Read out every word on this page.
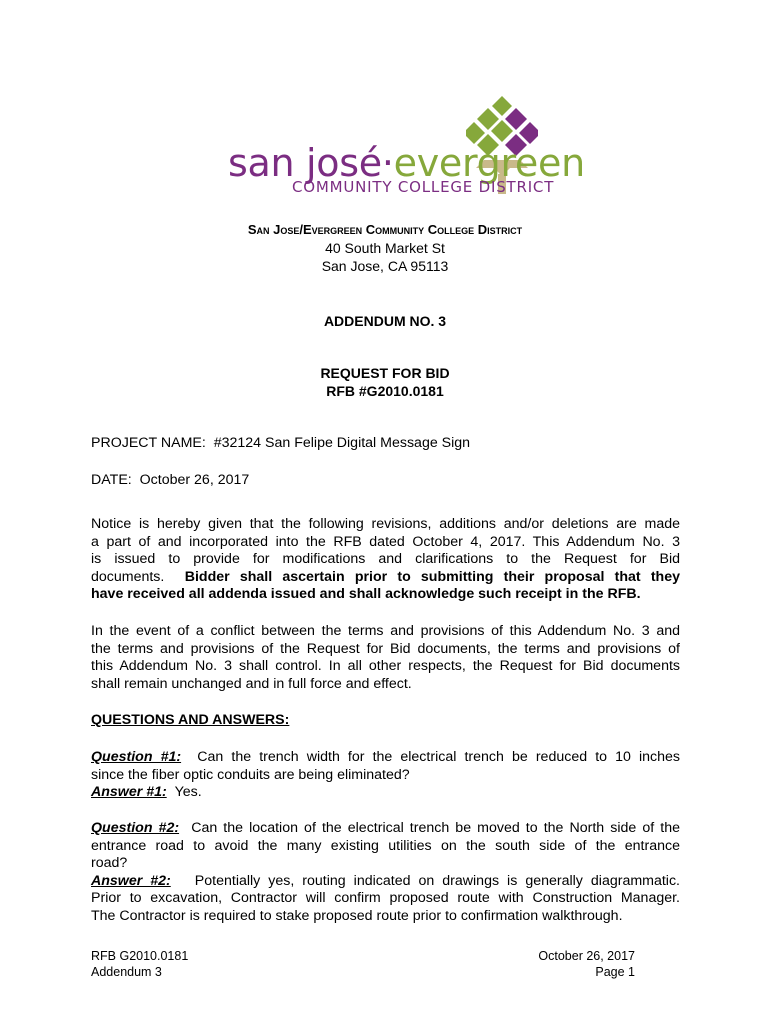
san josé·evergreen
COMMUNITY COLLEGE DISTRICT
San Jose/Evergreen Community College District
40 South Market St
San Jose, CA 95113
ADDENDUM NO. 3
REQUEST FOR BID
RFB #G2010.0181
PROJECT NAME: #32124 San Felipe Digital Message Sign
DATE: October 26, 2017
Notice is hereby given that the following revisions, additions and/or deletions are made
a part of and incorporated into the RFB dated October 4, 2017. This Addendum No. 3
is issued to provide for modifications and clarifications to the Request for Bid
documents. Bidder shall ascertain prior to submitting their proposal that they
have received all addenda issued and shall acknowledge such receipt in the RFB.
In the event of a conflict between the terms and provisions of this Addendum No. 3 and
the terms and provisions of the Request for Bid documents, the terms and provisions of
this Addendum No. 3 shall control. In all other respects, the Request for Bid documents
shall remain unchanged and in full force and effect.
QUESTIONS AND ANSWERS:
Question #1: Can the trench width for the electrical trench be reduced to 10 inches
since the fiber optic conduits are being eliminated?
Answer #1: Yes.
Question #2: Can the location of the electrical trench be moved to the North side of the
entrance road to avoid the many existing utilities on the south side of the entrance
road?
Answer #2: Potentially yes, routing indicated on drawings is generally diagrammatic.
Prior to excavation, Contractor will confirm proposed route with Construction Manager.
The Contractor is required to stake proposed route prior to confirmation walkthrough.
RFB G2010.0181
Addendum 3
October 26, 2017
Page 1
